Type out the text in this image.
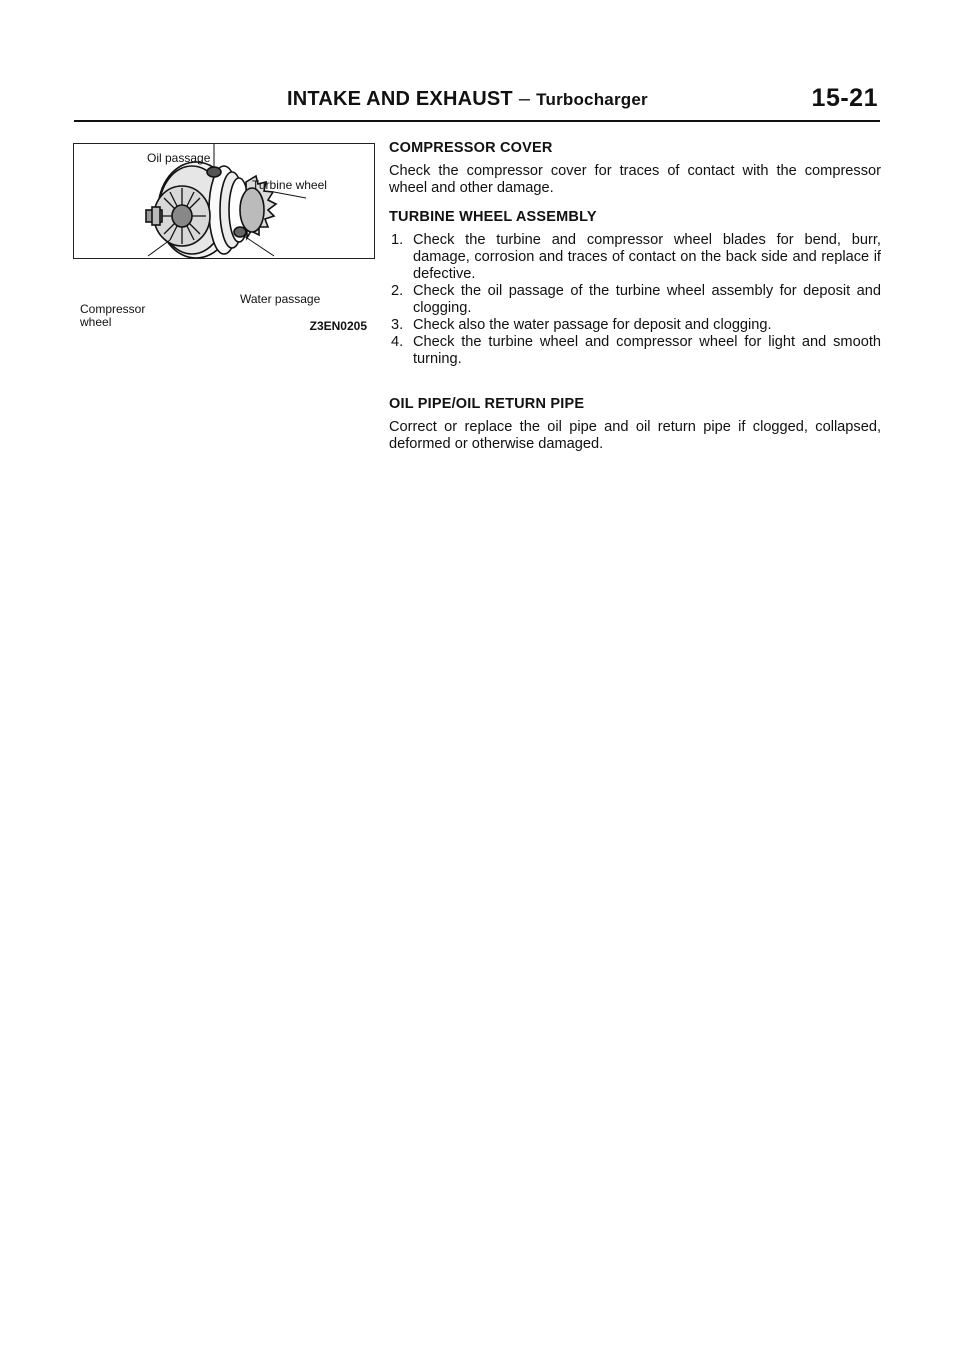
INTAKE AND EXHAUST – Turbocharger	15-21
Oil passage
Turbine wheel
Water passage
Compressor
wheel	Z3EN0205
COMPRESSOR COVER
Check the compressor cover for traces of contact with the compressor wheel and other damage.
TURBINE WHEEL ASSEMBLY
1. Check the turbine and compressor wheel blades for bend, burr, damage, corrosion and traces of contact on the back side and replace if defective.
2. Check the oil passage of the turbine wheel assembly for deposit and clogging.
3. Check also the water passage for deposit and clogging.
4. Check the turbine wheel and compressor wheel for light and smooth turning.
OIL PIPE/OIL RETURN PIPE
Correct or replace the oil pipe and oil return pipe if clogged, collapsed, deformed or otherwise damaged.
